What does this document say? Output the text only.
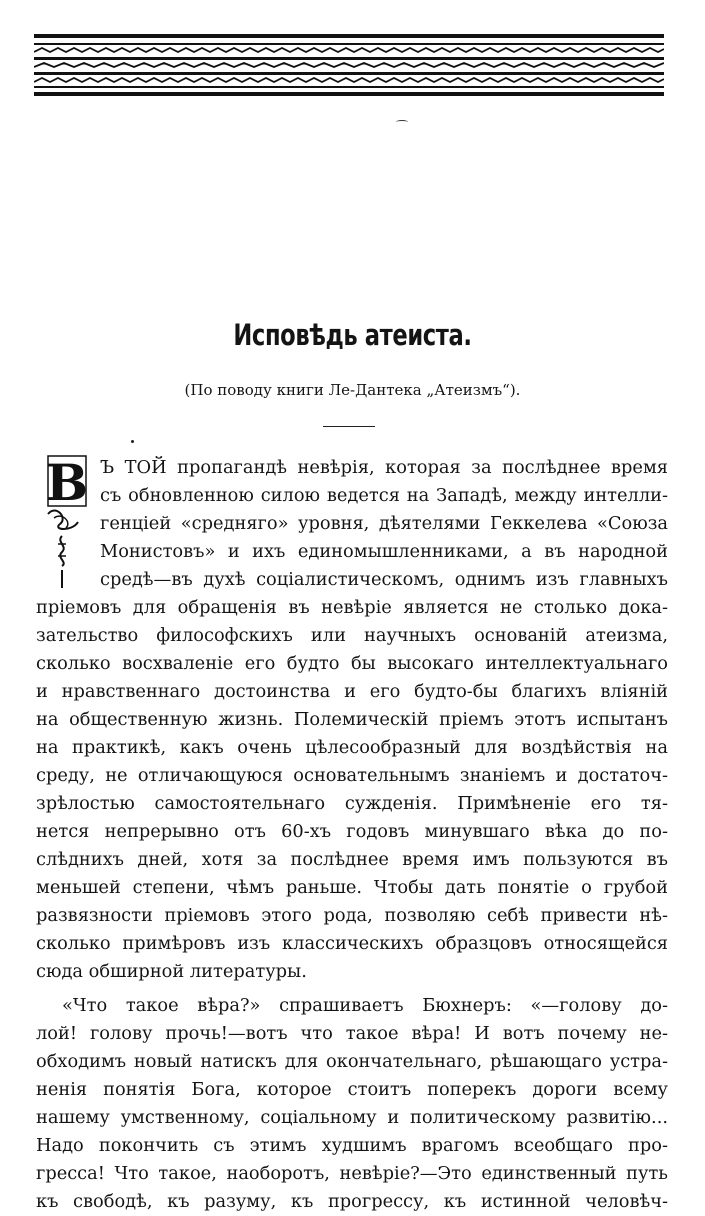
Исповѣдь атеиста.
(По поводу книги Ле-Дантека „Атеизмъ“).
В Ъ ТОЙ пропагандѣ невѣрія, которая за послѣднее время
съ обновленною силою ведется на Западѣ, между интелли-
генціей «средняго» уровня, дѣятелями Геккелева «Союза
Монистовъ» и ихъ единомышленниками, а въ народной
средѣ—въ духѣ соціалистическомъ, однимъ изъ главныхъ
пріемовъ для обращенія въ невѣріе является не столько дока-
зательство философскихъ или научныхъ основаній атеизма,
сколько восхваленіе его будто бы высокаго интеллектуальнаго
и нравственнаго достоинства и его будто-бы благихъ вліяній
на общественную жизнь. Полемическій пріемъ этотъ испытанъ
на практикѣ, какъ очень цѣлесообразный для воздѣйствія на
среду, не отличающуюся основательнымъ знаніемъ и достаточ-
зрѣлостью самостоятельнаго сужденія. Примѣненіе его тя-
нется непрерывно отъ 60-хъ годовъ минувшаго вѣка до по-
слѣднихъ дней, хотя за послѣднее время имъ пользуются въ
меньшей степени, чѣмъ раньше. Чтобы дать понятіе о грубой
развязности пріемовъ этого рода, позволяю себѣ привести нѣ-
сколько примѣровъ изъ классическихъ образцовъ относящейся
сюда обширной литературы.
«Что такое вѣра?» спрашиваетъ Бюхнеръ: «—голову до-
лой! голову прочь!—вотъ что такое вѣра! И вотъ почему не-
обходимъ новый натискъ для окончательнаго, рѣшающаго устра-
ненія понятія Бога, которое стоитъ поперекъ дороги всему
нашему умственному, соціальному и политическому развитію...
Надо покончить съ этимъ худшимъ врагомъ всеобщаго про-
гресса! Что такое, наоборотъ, невѣріе?—Это единственный путь
къ свободѣ, къ разуму, къ прогрессу, къ истинной человѣч-
